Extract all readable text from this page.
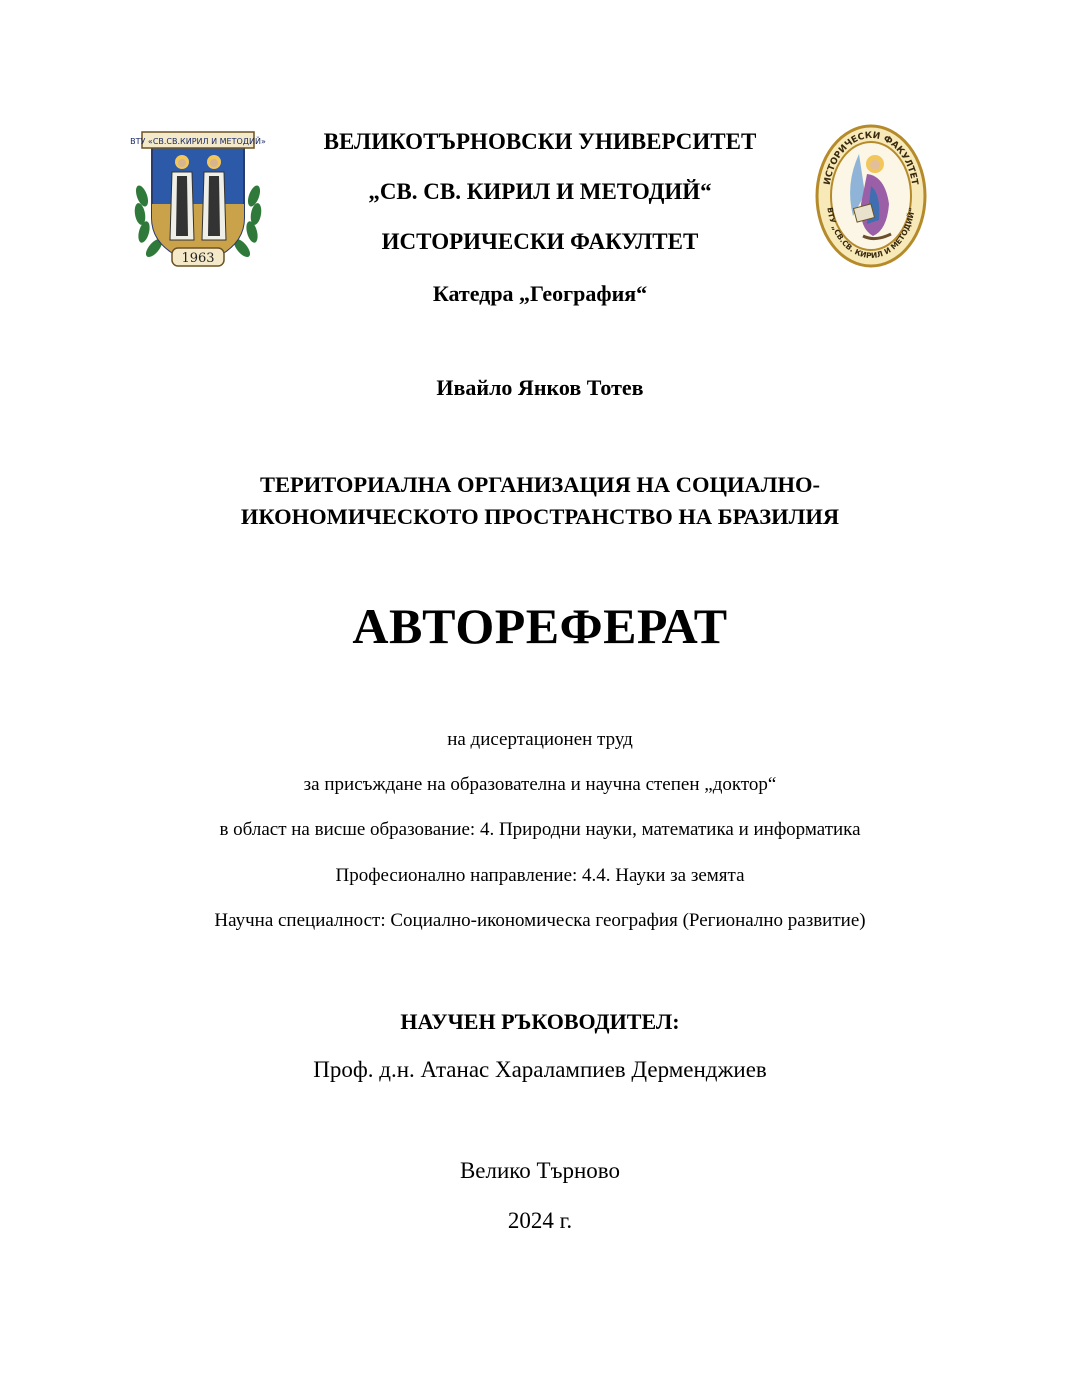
ВТУ «СВ.СВ.КИРИЛ И МЕТОДИЙ»
1963
ИСТОРИЧЕСКИ ФАКУЛТЕТ
ВТУ „СВ.СВ. КИРИЛ И МЕТОДИЙ“
ВЕЛИКОТЪРНОВСКИ УНИВЕРСИТЕТ
„СВ. СВ. КИРИЛ И МЕТОДИЙ“
ИСТОРИЧЕСКИ ФАКУЛТЕТ
Катедра „География“
Ивайло Янков Тотев
ТЕРИТОРИАЛНА ОРГАНИЗАЦИЯ НА СОЦИАЛНО-
ИКОНОМИЧЕСКОТО ПРОСТРАНСТВО НА БРАЗИЛИЯ
АВТОРЕФЕРАТ
на дисертационен труд
за присъждане на образователна и научна степен „доктор“
в област на висше образование: 4. Природни науки, математика и информатика
Професионално направление: 4.4. Науки за земята
Научна специалност: Социално-икономическа география (Регионално развитие)
НАУЧЕН РЪКОВОДИТЕЛ:
Проф. д.н. Атанас Харалампиев Дерменджиев
Велико Търново
2024 г.
